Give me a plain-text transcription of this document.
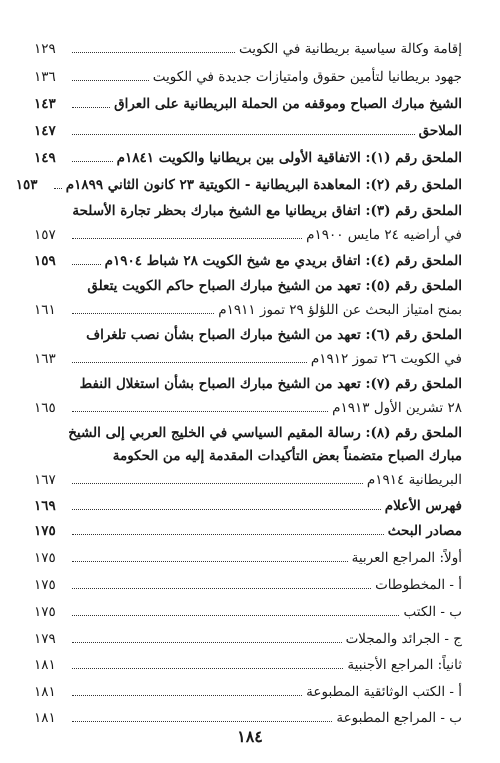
إقامة وكالة سياسية بريطانية في الكويت
١٢٩
جهود بريطانيا لتأمين حقوق وامتيازات جديدة في الكويت
١٣٦
الشيخ مبارك الصباح وموقفه من الحملة البريطانية على العراق
١٤٣
الملاحق
١٤٧
الملحق رقم (١): الاتفاقية الأولى بين بريطانيا والكويت ١٨٤١م
١٤٩
الملحق رقم (٢): المعاهدة البريطانية - الكويتية ٢٣ كانون الثاني ١٨٩٩م
١٥٣
الملحق رقم (٣): اتفاق بريطانيا مع الشيخ مبارك بحظر تجارة الأسلحة
في أراضيه ٢٤ مايس ١٩٠٠م
١٥٧
الملحق رقم (٤): اتفاق بريدي مع شيخ الكويت ٢٨ شباط ١٩٠٤م
١٥٩
الملحق رقم (٥): تعهد من الشيخ مبارك الصباح حاكم الكويت يتعلق
بمنح امتياز البحث عن اللؤلؤ ٢٩ تموز ١٩١١م
١٦١
الملحق رقم (٦): تعهد من الشيخ مبارك الصباح بشأن نصب تلغراف
في الكويت ٢٦ تموز ١٩١٢م
١٦٣
الملحق رقم (٧): تعهد من الشيخ مبارك الصباح بشأن استغلال النفط
٢٨ تشرين الأول ١٩١٣م
١٦٥
الملحق رقم (٨): رسالة المقيم السياسي في الخليج العربي إلى الشيخ
مبارك الصباح متضمناً بعض التأكيدات المقدمة إليه من الحكومة
البريطانية ١٩١٤م
١٦٧
فهرس الأعلام
١٦٩
مصادر البحث
١٧٥
أولاً: المراجع العربية
١٧٥
أ - المخطوطات
١٧٥
ب - الكتب
١٧٥
ج - الجرائد والمجلات
١٧٩
ثانياً: المراجع الأجنبية
١٨١
أ - الكتب الوثائقية المطبوعة
١٨١
ب - المراجع المطبوعة
١٨١
١٨٤
